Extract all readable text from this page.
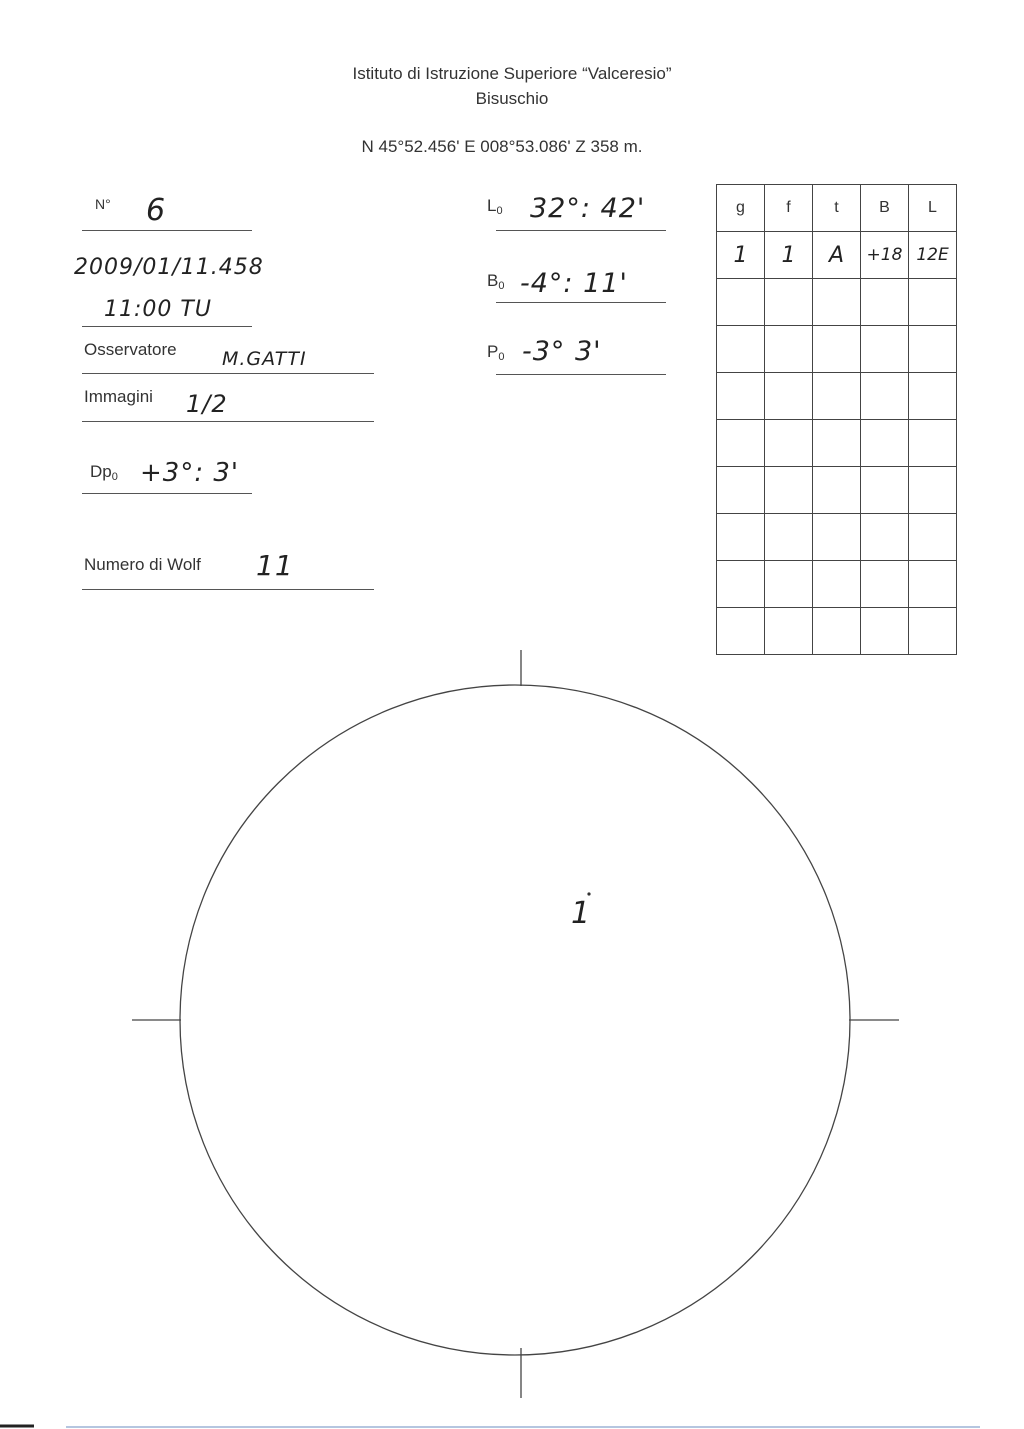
Istituto di Istruzione Superiore “Valceresio”
Bisuschio
N 45°52.456' E 008°53.086' Z 358 m.
N° 6
2009/01/11.458
11:00 TU
Osservatore M.GATTI
Immagini 1/2
$Dp_0 +3^\circ$: 3'
Numero di Wolf 11
$L_0$ 32°: 42'
$B_0$ -4°: 11'
$P_0$ -3° 3'
g	f	t	B	L
1	1	A	+18	12E

1
